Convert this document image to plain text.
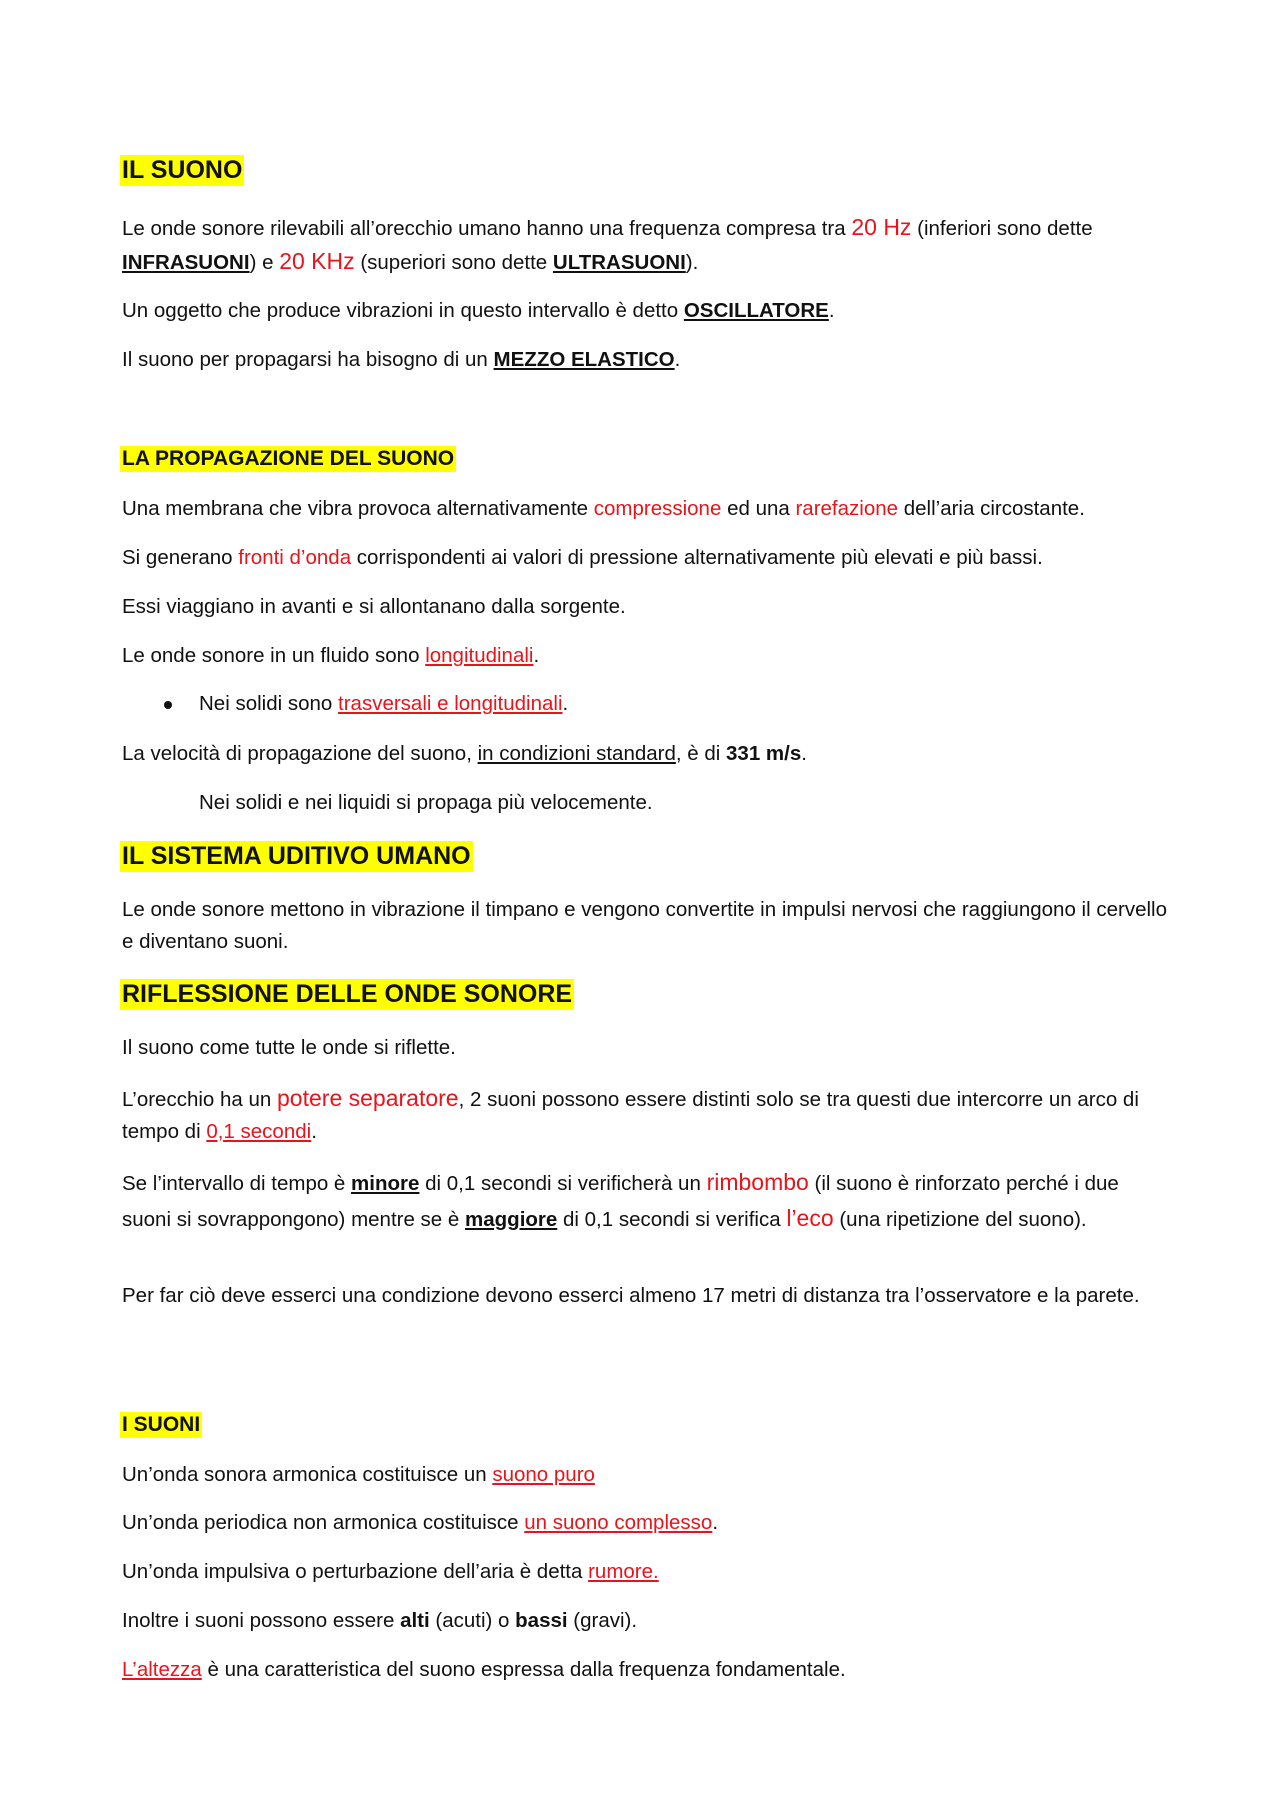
IL SUONO

Le onde sonore rilevabili all’orecchio umano hanno una frequenza compresa tra 20 Hz (inferiori sono dette INFRASUONI) e 20 KHz (superiori sono dette ULTRASUONI).

Un oggetto che produce vibrazioni in questo intervallo è detto OSCILLATORE.

Il suono per propagarsi ha bisogno di un MEZZO ELASTICO.

LA PROPAGAZIONE DEL SUONO

Una membrana che vibra provoca alternativamente compressione ed una rarefazione dell’aria circostante.

Si generano fronti d’onda corrispondenti ai valori di pressione alternativamente più elevati e più bassi.

Essi viaggiano in avanti e si allontanano dalla sorgente.

Le onde sonore in un fluido sono longitudinali.

Nei solidi sono trasversali e longitudinali.

La velocità di propagazione del suono, in condizioni standard, è di 331 m/s.

Nei solidi e nei liquidi si propaga più velocemente.

IL SISTEMA UDITIVO UMANO

Le onde sonore mettono in vibrazione il timpano e vengono convertite in impulsi nervosi che raggiungono il cervello e diventano suoni.

RIFLESSIONE DELLE ONDE SONORE

Il suono come tutte le onde si riflette.

L’orecchio ha un potere separatore, 2 suoni possono essere distinti solo se tra questi due intercorre un arco di tempo di 0,1 secondi.

Se l’intervallo di tempo è minore di 0,1 secondi si verificherà un rimbombo (il suono è rinforzato perché i due suoni si sovrappongono) mentre se è maggiore di 0,1 secondi si verifica l’eco (una ripetizione del suono).

Per far ciò deve esserci una condizione devono esserci almeno 17 metri di distanza tra l’osservatore e la parete.

I SUONI

Un’onda sonora armonica costituisce un suono puro

Un’onda periodica non armonica costituisce un suono complesso.

Un’onda impulsiva o perturbazione dell’aria è detta rumore.

Inoltre i suoni possono essere alti (acuti) o bassi (gravi).

L’altezza è una caratteristica del suono espressa dalla frequenza fondamentale.
